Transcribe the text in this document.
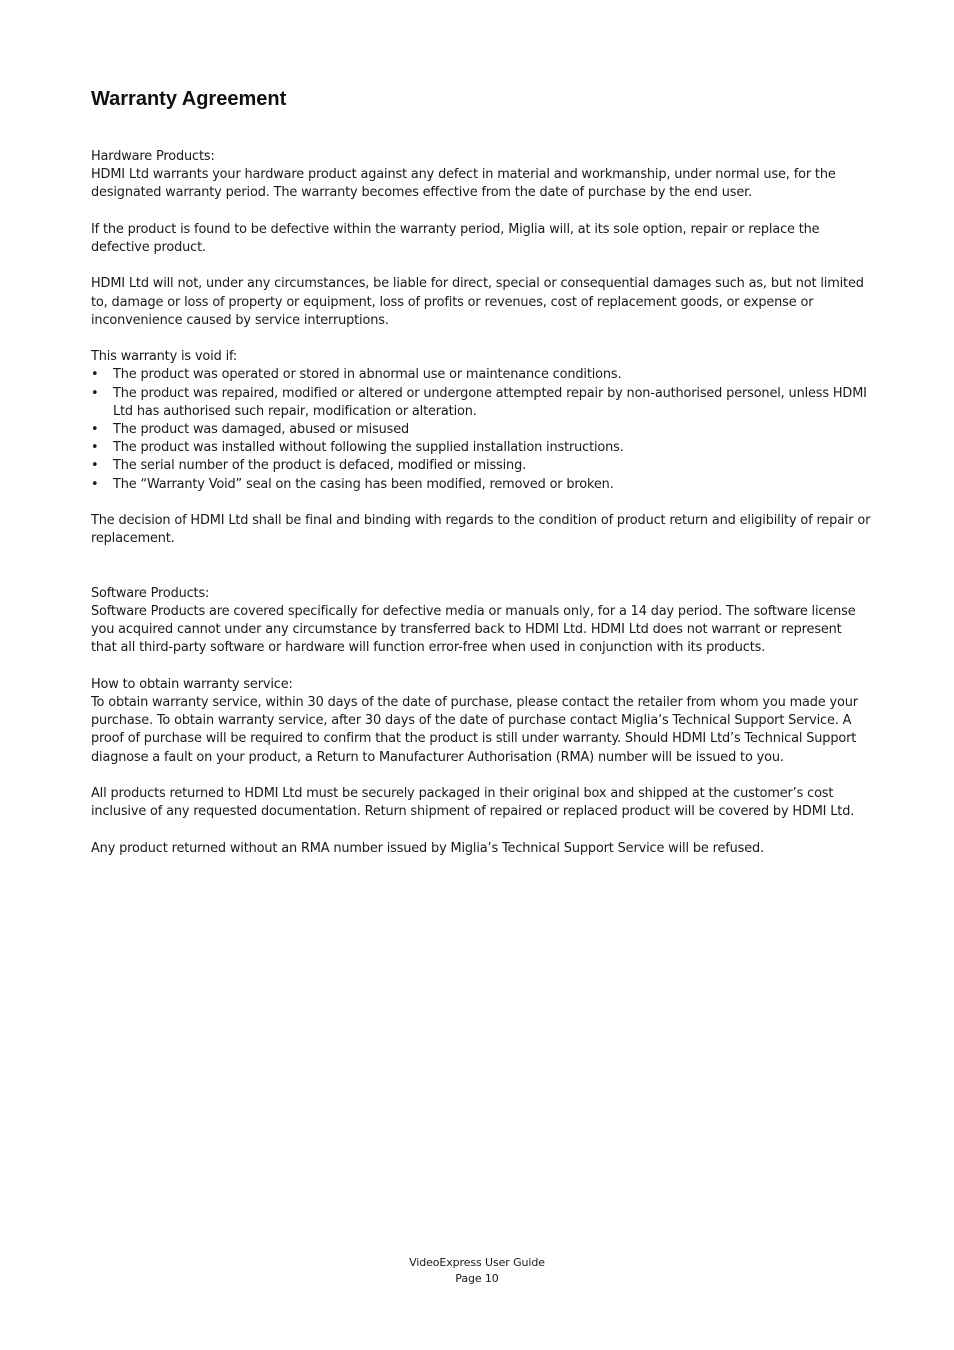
Warranty Agreement
Hardware Products:
HDMI Ltd warrants your hardware product against any defect in material and workmanship, under normal use, for the designated warranty period. The warranty becomes effective from the date of purchase by the end user.
If the product is found to be defective within the warranty period, Miglia will, at its sole option, repair or replace the defective product.
HDMI Ltd will not, under any circumstances, be liable for direct, special or consequential damages such as, but not limited to, damage or loss of property or equipment, loss of profits or revenues, cost of replacement goods, or expense or inconvenience caused by service interruptions.
This warranty is void if:
• The product was operated or stored in abnormal use or maintenance conditions.
• The product was repaired, modified or altered or undergone attempted repair by non-authorised personel, unless HDMI Ltd has authorised such repair, modification or alteration.
• The product was damaged, abused or misused
• The product was installed without following the supplied installation instructions.
• The serial number of the product is defaced, modified or missing.
• The “Warranty Void” seal on the casing has been modified, removed or broken.
The decision of HDMI Ltd shall be final and binding with regards to the condition of product return and eligibility of repair or replacement.
Software Products:
Software Products are covered specifically for defective media or manuals only, for a 14 day period. The software license you acquired cannot under any circumstance by transferred back to HDMI Ltd. HDMI Ltd does not warrant or represent that all third-party software or hardware will function error-free when used in conjunction with its products.
How to obtain warranty service:
To obtain warranty service, within 30 days of the date of purchase, please contact the retailer from whom you made your purchase. To obtain warranty service, after 30 days of the date of purchase contact Miglia’s Technical Support Service. A proof of purchase will be required to confirm that the product is still under warranty. Should HDMI Ltd’s Technical Support diagnose a fault on your product, a Return to Manufacturer Authorisation (RMA) number will be issued to you.
All products returned to HDMI Ltd must be securely packaged in their original box and shipped at the customer’s cost inclusive of any requested documentation. Return shipment of repaired or replaced product will be covered by HDMI Ltd.
Any product returned without an RMA number issued by Miglia’s Technical Support Service will be refused.
VideoExpress User Guide
Page 10
